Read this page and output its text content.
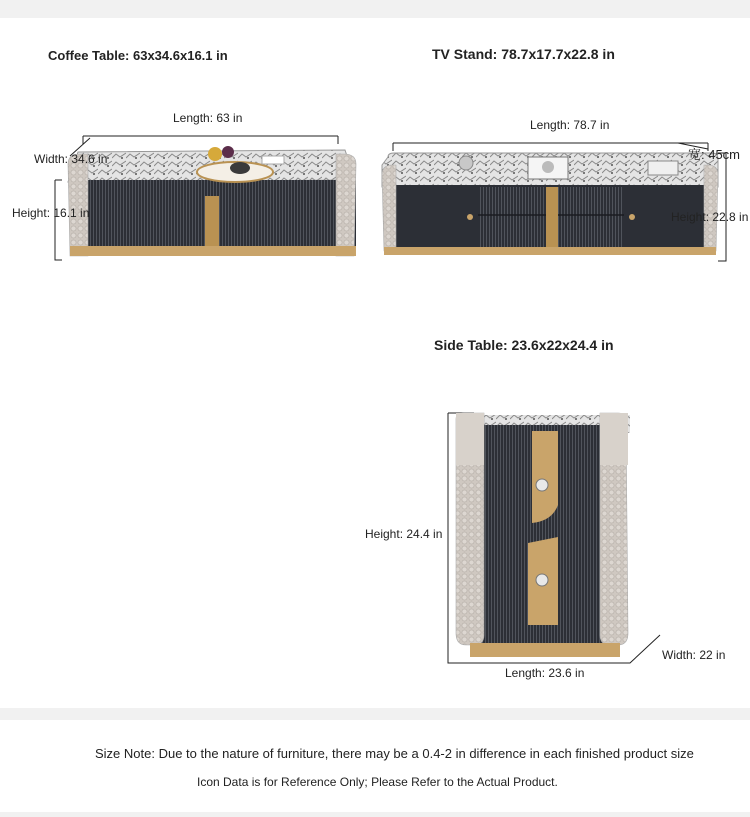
Coffee Table: 63x34.6x16.1 in
Length: 63 in
Width: 34.6 in
Height: 16.1 in
TV Stand: 78.7x17.7x22.8 in
Length: 78.7 in
宽: 45cm
Height: 22.8 in
Side Table: 23.6x22x24.4 in
Height: 24.4 in
Length: 23.6 in
Width: 22 in
Size Note: Due to the nature of furniture, there may be a 0.4-2 in difference in each finished product size
Icon Data is for Reference Only; Please Refer to the Actual Product.
